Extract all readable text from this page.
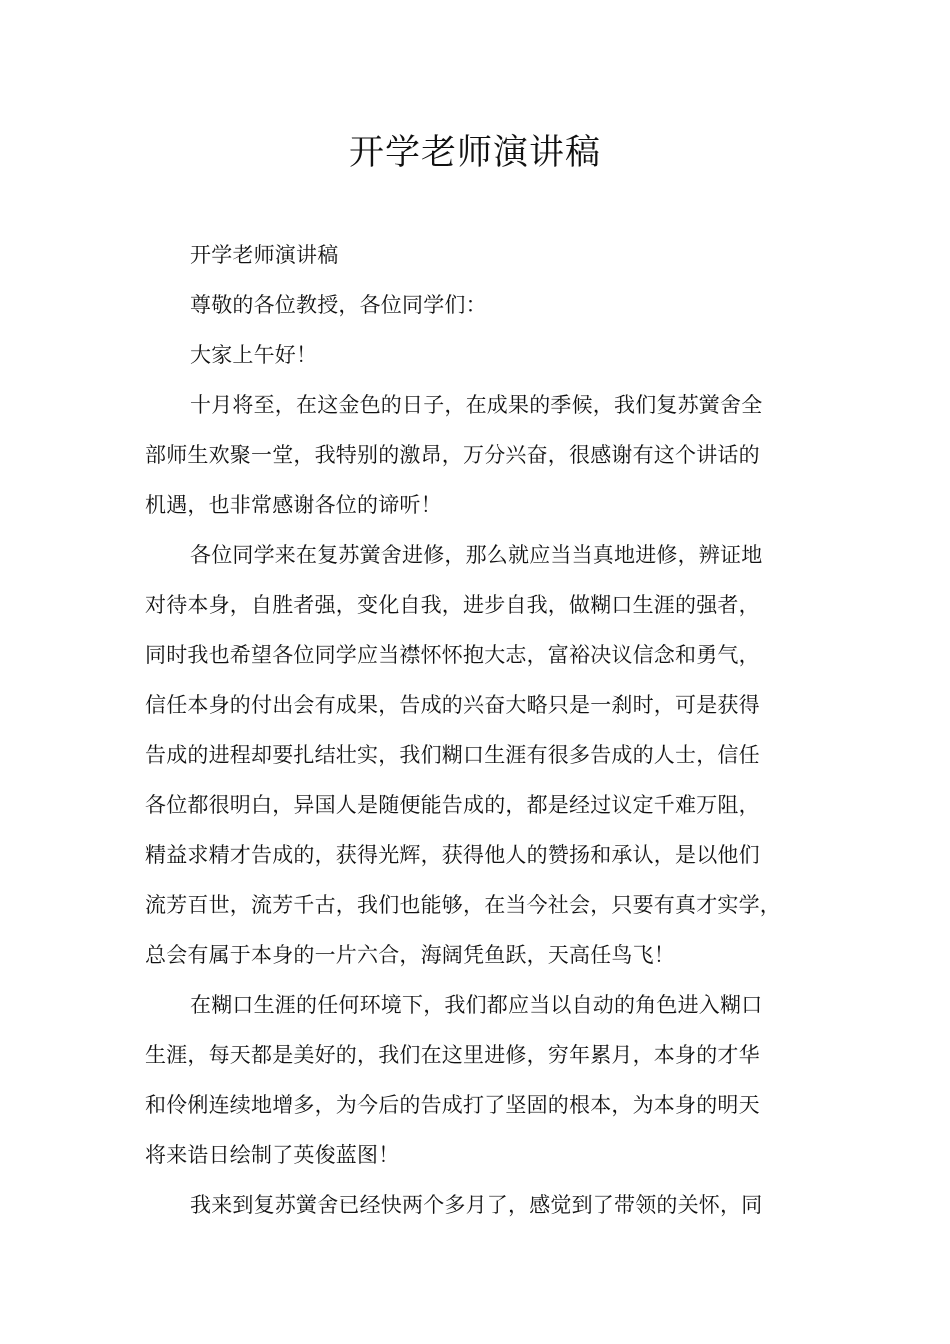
开学老师演讲稿
开学老师演讲稿
尊敬的各位教授，各位同学们：
大家上午好！
十月将至，在这金色的日子，在成果的季候，我们复苏黉舍全
部师生欢聚一堂，我特别的激昂，万分兴奋，很感谢有这个讲话的
机遇，也非常感谢各位的谛听！
各位同学来在复苏黉舍进修，那么就应当当真地进修，辨证地
对待本身，自胜者强，变化自我，进步自我，做糊口生涯的强者，
同时我也希望各位同学应当襟怀怀抱大志，富裕决议信念和勇气，
信任本身的付出会有成果，告成的兴奋大略只是一刹时，可是获得
告成的进程却要扎结壮实，我们糊口生涯有很多告成的人士，信任
各位都很明白，异国人是随便能告成的，都是经过议定千难万阻，
精益求精才告成的，获得光辉，获得他人的赞扬和承认，是以他们
流芳百世，流芳千古，我们也能够，在当今社会，只要有真才实学，
总会有属于本身的一片六合，海阔凭鱼跃，天高任鸟飞！
在糊口生涯的任何环境下，我们都应当以自动的角色进入糊口
生涯，每天都是美好的，我们在这里进修，穷年累月，本身的才华
和伶俐连续地增多，为今后的告成打了坚固的根本，为本身的明天
将来诰日绘制了英俊蓝图！
我来到复苏黉舍已经快两个多月了，感觉到了带领的关怀，同
